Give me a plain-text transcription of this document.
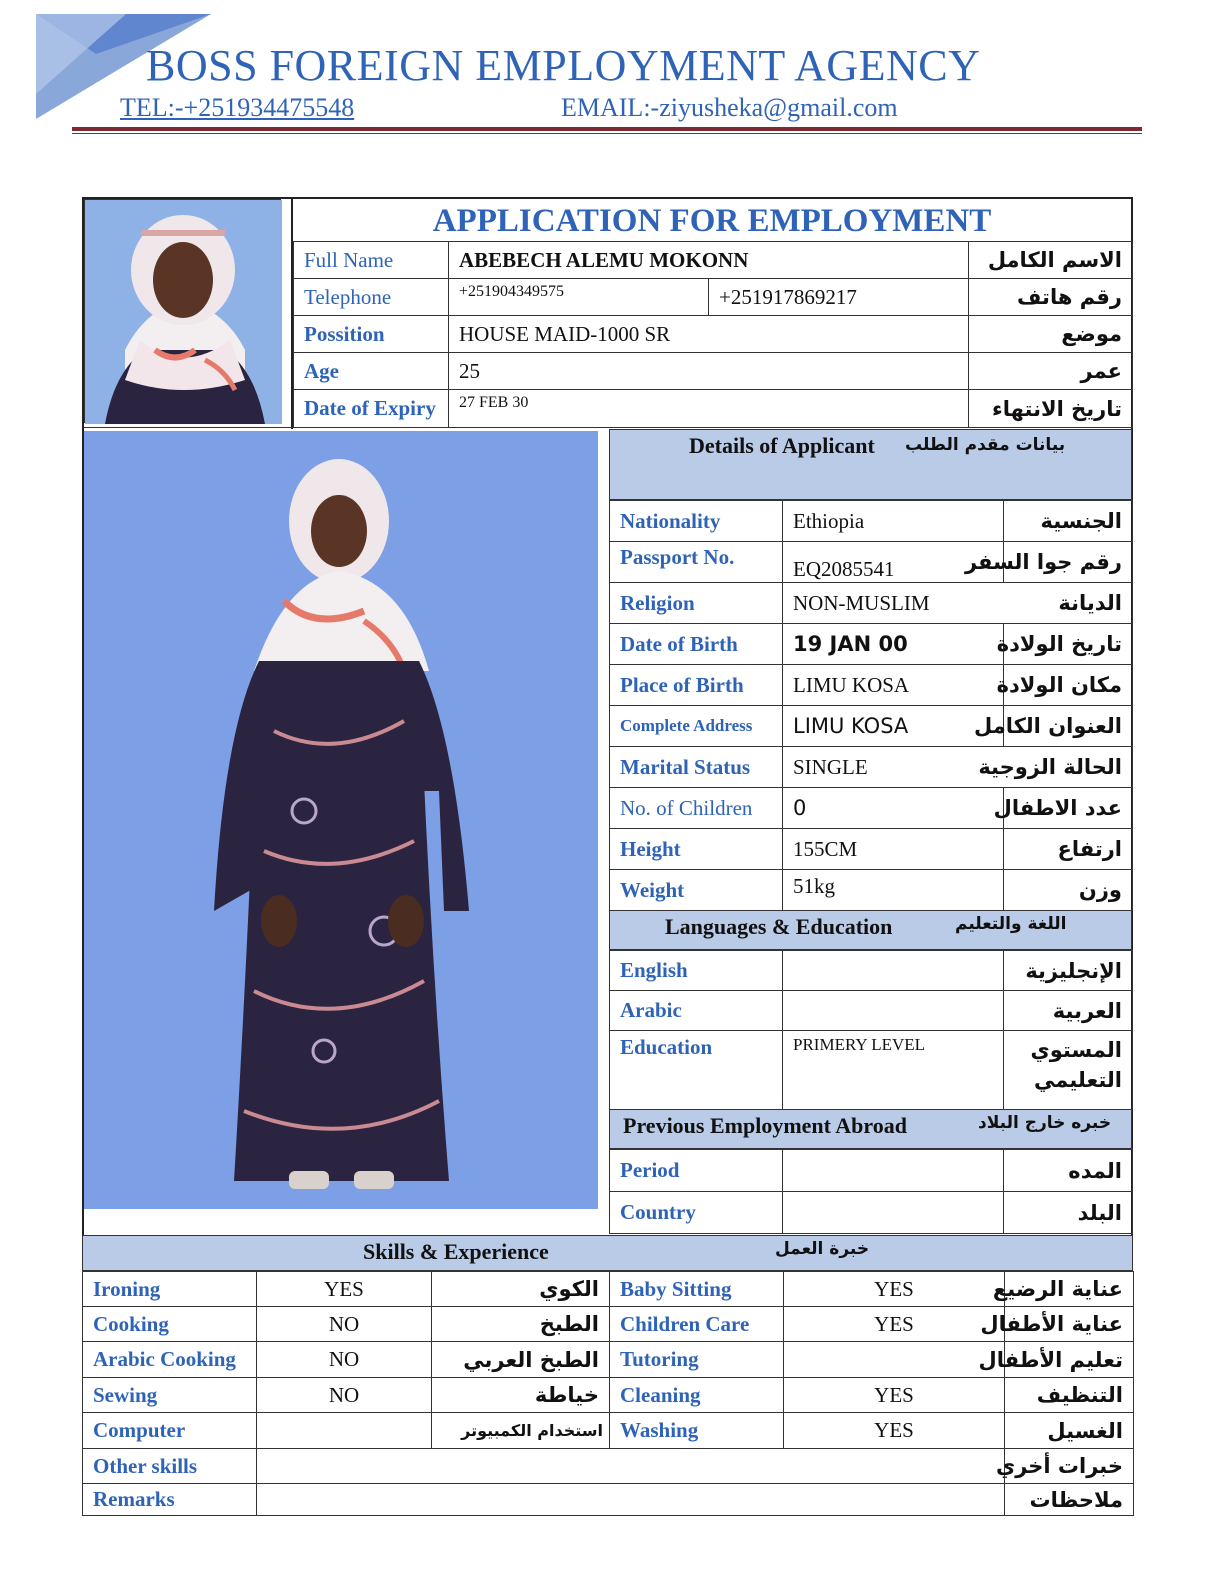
BOSS FOREIGN EMPLOYMENT AGENCY
TEL:-+251934475548	EMAIL:-ziyusheka@gmail.com
APPLICATION FOR EMPLOYMENT
Full Name	ABEBECH ALEMU MOKONN		الاسم الكامل
Telephone	+251904349575	+251917869217	رقم هاتف
Possition	HOUSE MAID-1000 SR		موضع
Age	25		عمر
Date of Expiry	27 FEB 30		تاريخ الانتهاء
Details of Applicant بيانات مقدم الطلب
Nationality	Ethiopia	الجنسية
Passport No.	EQ2085541	رقم جوا السفر
Religion	NON-MUSLIM	الديانة
Date of Birth	19 JAN 00	تاريخ الولادة
Place of Birth	LIMU KOSA	مكان الولادة
Complete Address	LIMU KOSA	العنوان الكامل
Marital Status	SINGLE	الحالة الزوجية
No. of Children	0	عدد الاطفال
Height	155CM	ارتفاع
Weight	51kg	وزن
Languages & Education	اللغة والتعليم
English		الإنجليزية
Arabic		العربية
Education	PRIMERY LEVEL	المستوي
التعليمي
Previous Employment Abroad	خبره خارج البلاد
Period		المده
Country		البلد
Skills & Experience	خبرة العمل
Ironing	YES	الكوي	Baby Sitting	YES	عناية الرضيع
Cooking	NO	الطبخ	Children Care	YES	عناية الأطفال
Arabic Cooking	NO	الطبخ العربي	Tutoring		تعليم الأطفال
Sewing	NO	خياطة	Cleaning	YES	التنظيف
Computer		استخدام الكمبيوتر	Washing	YES	الغسيل
Other skills					خبرات أخري
Remarks					ملاحظات
